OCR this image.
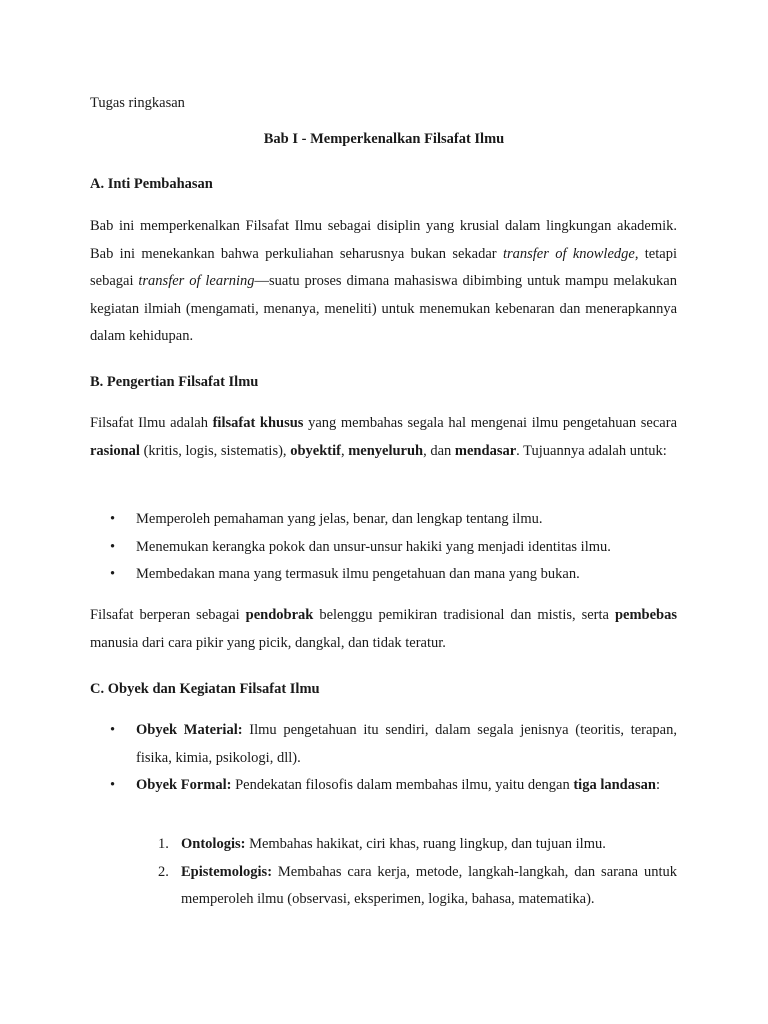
Tugas ringkasan
Bab I - Memperkenalkan Filsafat Ilmu
A. Inti Pembahasan
Bab ini memperkenalkan Filsafat Ilmu sebagai disiplin yang krusial dalam lingkungan akademik. Bab ini menekankan bahwa perkuliahan seharusnya bukan sekadar transfer of knowledge, tetapi sebagai transfer of learning—suatu proses dimana mahasiswa dibimbing untuk mampu melakukan kegiatan ilmiah (mengamati, menanya, meneliti) untuk menemukan kebenaran dan menerapkannya dalam kehidupan.
B. Pengertian Filsafat Ilmu
Filsafat Ilmu adalah filsafat khusus yang membahas segala hal mengenai ilmu pengetahuan secara rasional (kritis, logis, sistematis), obyektif, menyeluruh, dan mendasar. Tujuannya adalah untuk:
• Memperoleh pemahaman yang jelas, benar, dan lengkap tentang ilmu.
• Menemukan kerangka pokok dan unsur-unsur hakiki yang menjadi identitas ilmu.
• Membedakan mana yang termasuk ilmu pengetahuan dan mana yang bukan.
Filsafat berperan sebagai pendobrak belenggu pemikiran tradisional dan mistis, serta pembebas manusia dari cara pikir yang picik, dangkal, dan tidak teratur.
C. Obyek dan Kegiatan Filsafat Ilmu
• Obyek Material: Ilmu pengetahuan itu sendiri, dalam segala jenisnya (teoritis, terapan, fisika, kimia, psikologi, dll).
• Obyek Formal: Pendekatan filosofis dalam membahas ilmu, yaitu dengan tiga landasan:
1. Ontologis: Membahas hakikat, ciri khas, ruang lingkup, dan tujuan ilmu.
2. Epistemologis: Membahas cara kerja, metode, langkah-langkah, dan sarana untuk memperoleh ilmu (observasi, eksperimen, logika, bahasa, matematika).
